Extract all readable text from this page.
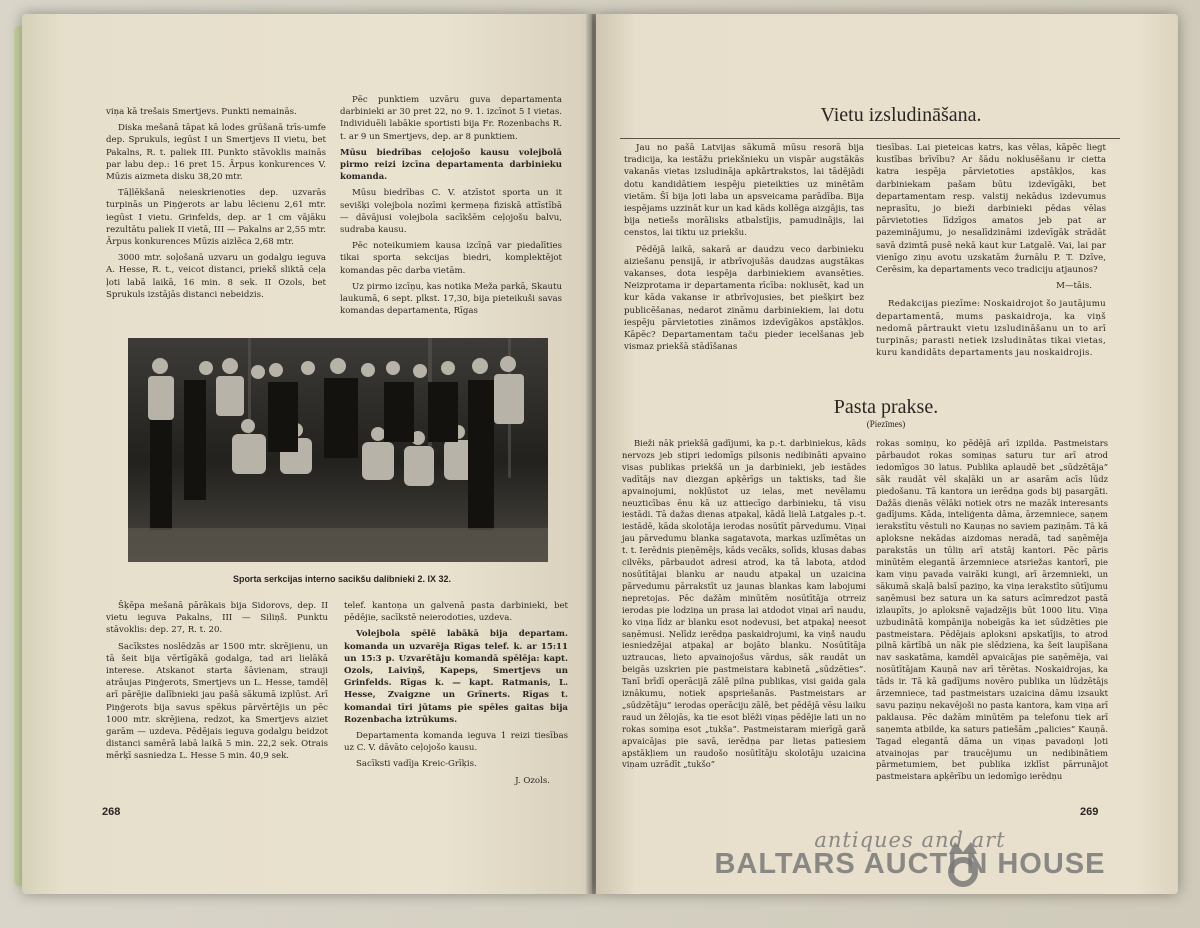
viņa kā trešais Smertjevs. Punkti nemainās.

Diska mešanā tāpat kā lodes grūšanā trīs-umfe dep. Sprukuls, iegūst I un Smertjevs II vietu, bet Pakalns, R. t. paliek III. Punkto stāvoklis mainās par labu dep.: 16 pret 15. Ārpus konkurences V. Mūzis aizmeta disku 38,20 mtr.

Tāļlēkšanā neieskrienoties dep. uzvarās turpinās un Piņģerots ar labu lēcienu 2,61 mtr. iegūst I vietu. Grinfelds, dep. ar 1 cm vājāku rezultātu paliek II vietā, III — Pakalns ar 2,55 mtr. Ārpus konkurences Mūzis aizlēca 2,68 mtr.

3000 mtr. soļošanā uzvaru un godalgu ieguva A. Hesse, R. t., veicot distanci, priekš sliktā ceļa ļoti labā laikā, 16 min. 8 sek. II Ozols, bet Sprukuls izstājās distanci nebeidzis.

Pēc punktiem uzvāru guva departamenta darbinieki ar 30 pret 22, no 9. 1. izcīnot 5 I vietas. Individuēli labākie sportisti bija Fr. Rozenbachs R. t. ar 9 un Smertjevs, dep. ar 8 punktiem.

Mūsu biedrības ceļojošo kausu volejbolā pirmo reizi izcīna departamenta darbinieku komanda.

Mūsu biedrības C. V. atzīstot sporta un it sevišķi volejbola nozīmi ķermeņa fiziskā attīstībā — dāvājusi volejbola sacīkšēm ceļojošu balvu, sudraba kausu.

Pēc noteikumiem kausa izcīņā var piedalīties tikai sporta sekcijas biedri, komplektējot komandas pēc darba vietām.

Uz pirmo izcīņu, kas notika Meža parkā, Skautu laukumā, 6 sept. plkst. 17,30, bija pieteikuši savas komandas departamenta, Rīgas

Sporta serkcijas interno sacikšu dalibnieki 2. IX 32.

Šķēpa mešanā pārākais bija Sidorovs, dep. II vietu ieguva Pakalns, III — Siliņš. Punktu stāvoklis: dep. 27, R. t. 20.

Sacīkstes noslēdzās ar 1500 mtr. skrējienu, un tā šeit bija vērtīgākā godalga, tad ari lielākā interese. Atskanot starta šāvienam, strauji atrāujas Piņģerots, Smertjevs un L. Hesse, tamdēļ arī pārējie dalībnieki jau pašā sākumā izplūst. Arī Piņģerots bija savus spēkus pārvērtējis un pēc 1000 mtr. skrējiena, redzot, ka Smertjevs aiziet garām — uzdeva. Pēdējais ieguva godalgu beidzot distanci samērā labā laikā 5 min. 22,2 sek. Otrais mērķī sasniedza L. Hesse 5 min. 40,9 sek.

telef. kantoņa un galvenā pasta darbinieki, bet pēdējie, sacīkstē neierodoties, uzdeva.

Volejbola spēlē labākā bija departam. komanda un uzvarēja Rīgas telef. k. ar 15:11 un 15:3 p. Uzvarētāju komandā spēlēja: kapt. Ozols, Laiviņš, Kapeps, Smertjevs un Grinfelds. Rīgas k. — kapt. Ratmanis, L. Hesse, Zvaigzne un Grīnerts. Rīgas t. komandai tīri jūtams pie spēles gaitas bija Rozenbacha iztrūkums.

Departamenta komanda ieguva 1 reizi tiesības uz C. V. dāvāto ceļojošo kausu.

Sacīksti vadīja Kreic-Grīķis.

J. Ozols.
268
Vietu izsludināšana.

Jau no pašā Latvijas sākumā mūsu resorā bija tradicija, ka iestāžu priekšnieku un vispār augstākās vakanās vietas izsludināja apkārtrakstos, lai tādējādi dotu kandidātiem iespēju pieteikties uz minētām vietām. Šī bija ļoti laba un apsveicama parādība. Bija iespējams uzzināt kur un kad kāds kollēga aizgājis, tas bija netiešs morālisks atbalstījis, pamudinājis, lai censtos, lai tiktu uz priekšu.

Pēdējā laikā, sakarā ar daudzu veco darbinieku aiziešanu pensijā, ir atbrīvojušās daudzas augstākas vakanses, dota iespēja darbiniekiem avansēties. Neizprotama ir departamenta rīcība: noklusēt, kad un kur kāda vakanse ir atbrīvojusies, bet piešķirt bez publicēšanas, nedarot zināmu darbiniekiem, lai dotu iespēju pārvietoties zināmos izdevīgākos apstākļos. Kāpēc? Departamentam taču pieder iecelšanas jeb vismaz priekšā stādīšanas

tiesības. Lai pieteicas katrs, kas vēlas, kāpēc liegt kustības brīvību? Ar šādu noklusēšanu ir cietta katra iespēja pārvietoties apstākļos, kas darbiniekam pašam būtu izdevīgāki, bet departamentam resp. valstij nekādus izdevumus neprasītu, jo bieži darbinieki pēdas vēlas pārvietoties līdzīgos amatos jeb pat ar pazeminājumu, jo nesalīdzināmi izdevīgāk strādāt savā dzimtā pusē nekā kaut kur Latgalē. Vai, lai par vienīgo ziņu avotu uzskatām žurnālu P. T. Dzīve, Cerēsim, ka departaments veco tradiciju atjaunos?

M—tāis.

Redakcijas piezīme: Noskaidrojot šo jautājumu departamentā, mums paskaidroja, ka viņš nedomā pārtraukt vietu izsludināšanu un to arī turpinās; parasti netiek izsludinātas tikai vietas, kuru kandidāts departaments jau noskaidrojis.

Pasta prakse.
(Piezīmes)

Bieži nāk priekšā gadījumi, ka p.-t. darbiniekus, kāds nervozs jeb stipri iedomīgs pilsonis nedibināti apvaino visas publikas priekšā un ja darbinieki, jeb iestādes vadītājs nav diezgan apķērīgs un taktisks, tad šie apvainojumi, nokļūstot uz ielas, met nevēlamu neuzticības ēnu kā uz attiecīgo darbinieku, tā visu iestādi. Tā dažas dienas atpakaļ, kādā lielā Latgales p.-t. iestādē, kāda skolotāja ierodas nosūtīt pārvedumu. Viņai jau pārvedumu blanka sagatavota, markas uzlīmētas un t. t. Ierēdnis pieņēmējs, kāds vecāks, solīds, klusas dabas cilvēks, pārbaudot adresi atrod, ka tā labota, atdod nosūtītājai blanku ar naudu atpakaļ un uzaicina pārvedumu pārrakstīt uz jaunas blankas kam labojumi nepretojas. Pēc dažām minūtēm nosūtītāja otrreiz ierodas pie lodziņa un prasa lai atdodot viņai arī naudu, ko viņa līdz ar blanku esot nodevusi, bet atpakaļ neesot saņēmusi. Nelīdz ierēdņa paskaidrojumi, ka viņš naudu iesniedzējai atpakaļ ar bojāto blanku. Nosūtītāja uztraucas, lieto apvainojošus vārdus, sāk raudāt un beigās uzskrien pie pastmeistara kabinetā „sūdzēties”. Tanī brīdī operācijā zālē pilna publikas, visi gaida gala iznākumu, notiek apspriešanās. Pastmeistars ar „sūdzētāju” ierodas operāciju zālē, bet pēdējā vēsu laiku raud un žēlojās, ka tie esot blēži viņas pēdējie lati un no rokas somiņa esot „tukša”. Pastmeistaram mierīgā garā apvaicājas pie savā, ierēdņa par lietas patiesiem apstākļiem un raudošo nosūtītāju skolotāju uzaicina viņam uzrādīt „tukšo”

rokas somiņu, ko pēdējā arī izpilda. Pastmeistars pārbaudot rokas somiņas saturu tur arī atrod iedomīgos 30 latus. Publika aplaudē bet „sūdzētāja” sāk raudāt vēl skaļāki un ar asarām acīs lūdz piedošanu. Tā kantora un ierēdņa gods bij pasargāti. Dažās dienās vēlāki notiek otrs ne mazāk interesants gadījums. Kāda, inteliģenta dāma, ārzemniece, saņem ierakstītu vēstuli no Kauņas no saviem paziņām. Tā kā aploksne nekādas aizdomas neradā, tad saņēmēja parakstās un tūliņ arī atstāj kantori. Pēc pāris minūtēm elegantā ārzemniece atsriežas kantorī, pie kam viņu pavada vairāki kungi, arī ārzemnieki, un sākumā skaļā balsī paziņo, ka viņa ierakstīto sūtījumu saņēmusi bez satura un ka saturs acīmredzot pastā izlaupīts, jo aploksnē vajadzējis būt 1000 litu. Viņa uzbudinātā kompānija nobeigās ka iet sūdzēties pie pastmeistara. Pēdējais aploksni apskatījis, to atrod pilnā kārtībā un nāk pie slēdziena, ka šeit laupīšana nav saskatāma, kamdēl apvaicājas pie saņēmēja, vai nosūtītājam Kauņā nav arī tērētas. Noskaidrojas, ka tāds ir. Tā kā gadījums novēro publika un lūdzētājs ārzemniece, tad pastmeistars uzaicina dāmu izsaukt savu paziņu nekavējoši no pasta kantora, kam viņa arī paklausa. Pēc dažām minūtēm pa telefonu tiek arī saņemta atbilde, ka saturs patiešām „palicies” Kauņā. Tagad elegantā dāma un viņas pavadoņi ļoti atvainojas par traucējumu un nedibinātiem pārmetumiem, bet publika izklīst pārrunājot pastmeistara apķērību un iedomīgo ierēdņu

269
antiques and art
BALTARS AUCTI N HOUSE
